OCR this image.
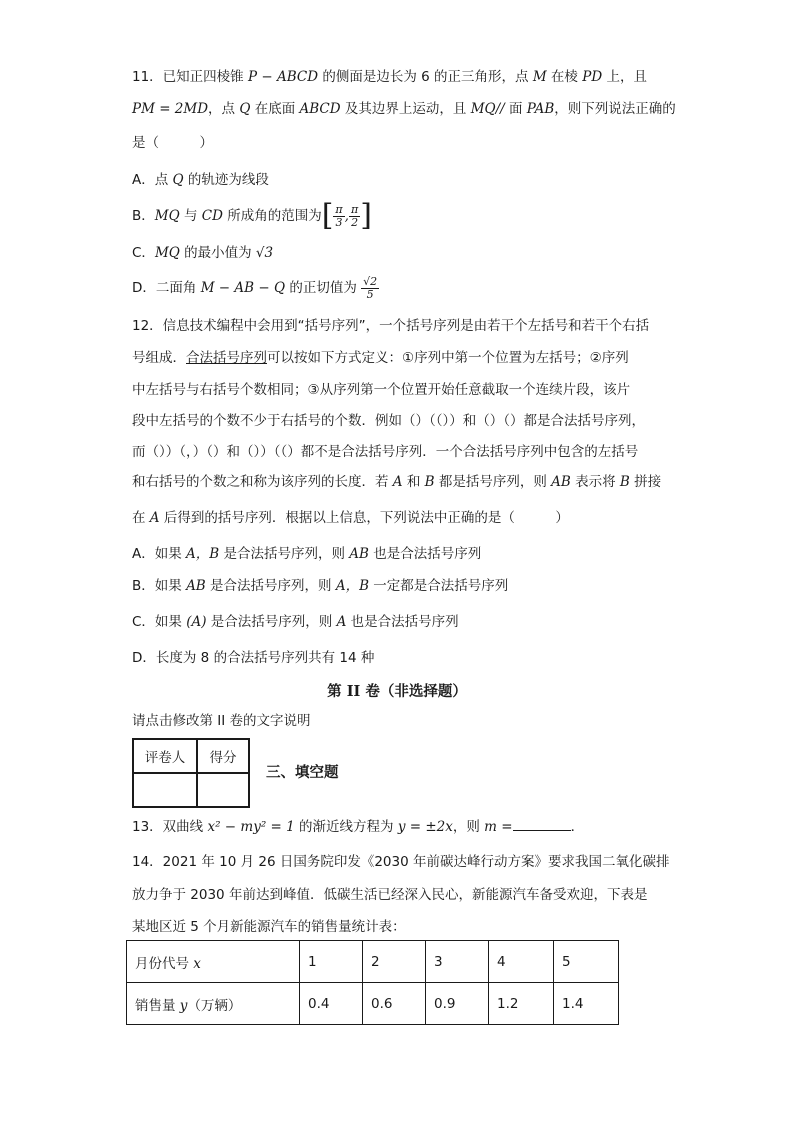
11．已知正四棱锥 P − ABCD 的侧面是边长为 6 的正三角形，点 M 在棱 PD 上，且
PM = 2MD，点 Q 在底面 ABCD 及其边界上运动，且 MQ// 面 PAB，则下列说法正确的
是（　　　）
A．点 Q 的轨迹为线段
B．MQ 与 CD 所成角的范围为[ $\frac{\pi}{3}$ , $\frac{\pi}{2}$ ]
C．MQ 的最小值为 √3
D．二面角 M − AB − Q 的正切值为 $\frac{√2}{5}$
12．信息技术编程中会用到“括号序列”，一个括号序列是由若干个左括号和若干个右括
号组成．合法括号序列可以按如下方式定义：①序列中第一个位置为左括号；②序列
中左括号与右括号个数相同；③从序列第一个位置开始任意截取一个连续片段，该片
段中左括号的个数不少于右括号的个数．例如（）（（））和（）（）都是合法括号序列，
而（））（，）（）和（））（（）都不是合法括号序列．一个合法括号序列中包含的左括号
和右括号的个数之和称为该序列的长度．若 A 和 B 都是括号序列，则 AB 表示将 B 拼接
在 A 后得到的括号序列．根据以上信息，下列说法中正确的是（　　　）
A．如果 A，B 是合法括号序列，则 AB 也是合法括号序列
B．如果 AB 是合法括号序列，则 A，B 一定都是合法括号序列
C．如果 (A) 是合法括号序列，则 A 也是合法括号序列
D．长度为 8 的合法括号序列共有 14 种
第 II 卷（非选择题）
请点击修改第 II 卷的文字说明
评卷人	得分

三、填空题
13．双曲线 x² − my² = 1 的渐近线方程为 y = ±2x，则 m =	．
14．2021 年 10 月 26 日国务院印发《2030 年前碳达峰行动方案》要求我国二氧化碳排
放力争于 2030 年前达到峰值．低碳生活已经深入民心，新能源汽车备受欢迎，下表是
某地区近 5 个月新能源汽车的销售量统计表：
月份代号 x	1	2	3	4	5
销售量 y（万辆）	0.4	0.6	0.9	1.2	1.4
